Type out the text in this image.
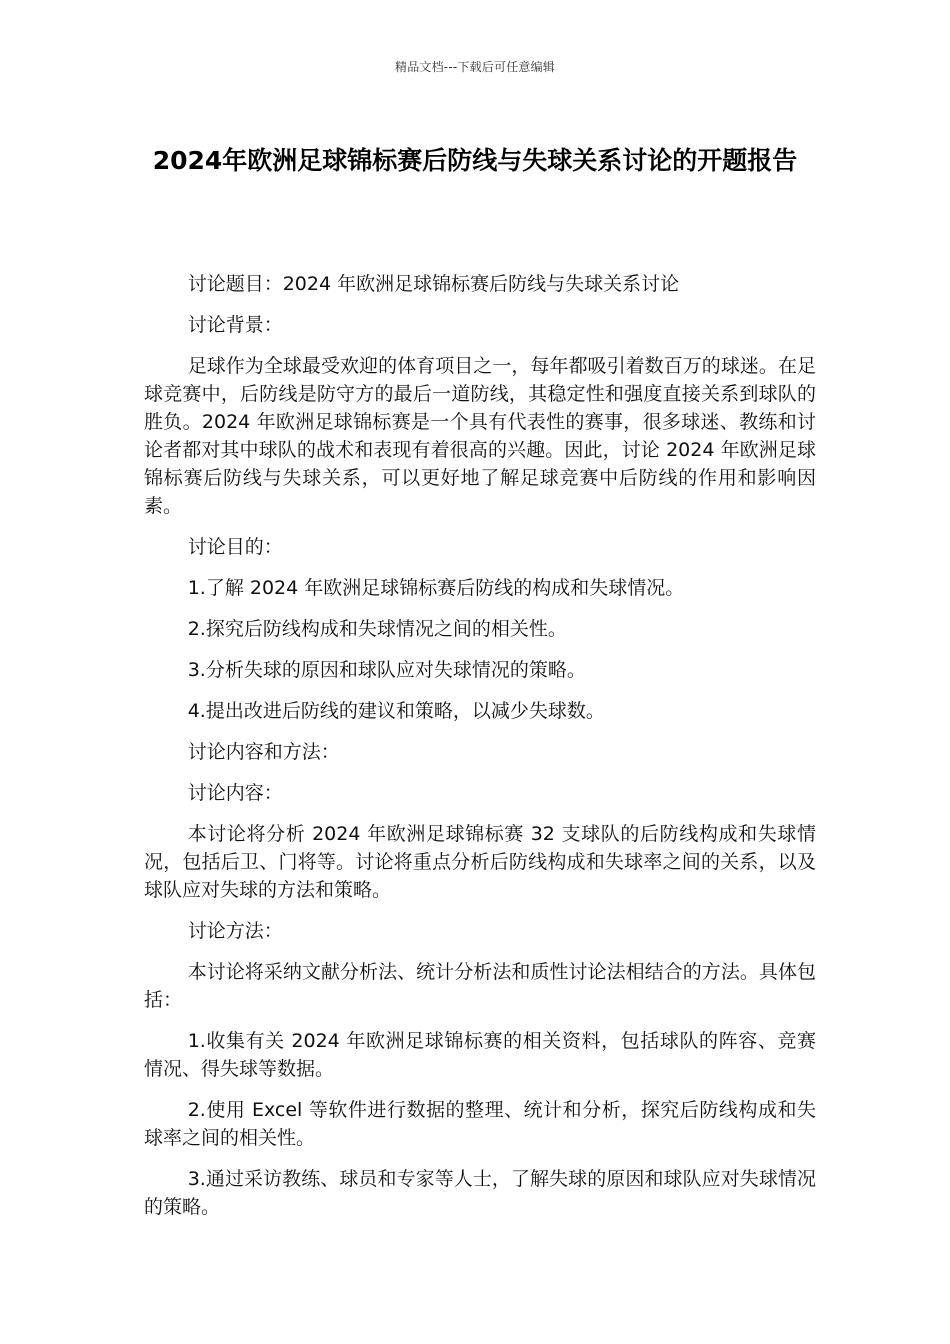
精品文档---下载后可任意编辑
2024年欧洲足球锦标赛后防线与失球关系讨论的开题报告

讨论题目：2024 年欧洲足球锦标赛后防线与失球关系讨论

讨论背景：

足球作为全球最受欢迎的体育项目之一，每年都吸引着数百万的球迷。在足球竞赛中，后防线是防守方的最后一道防线，其稳定性和强度直接关系到球队的胜负。2024 年欧洲足球锦标赛是一个具有代表性的赛事，很多球迷、教练和讨论者都对其中球队的战术和表现有着很高的兴趣。因此，讨论 2024 年欧洲足球锦标赛后防线与失球关系，可以更好地了解足球竞赛中后防线的作用和影响因素。

讨论目的：

1.了解 2024 年欧洲足球锦标赛后防线的构成和失球情况。

2.探究后防线构成和失球情况之间的相关性。

3.分析失球的原因和球队应对失球情况的策略。

4.提出改进后防线的建议和策略，以减少失球数。

讨论内容和方法：

讨论内容：

本讨论将分析 2024 年欧洲足球锦标赛 32 支球队的后防线构成和失球情况，包括后卫、门将等。讨论将重点分析后防线构成和失球率之间的关系，以及球队应对失球的方法和策略。

讨论方法：

本讨论将采纳文献分析法、统计分析法和质性讨论法相结合的方法。具体包括：

1.收集有关 2024 年欧洲足球锦标赛的相关资料，包括球队的阵容、竞赛情况、得失球等数据。

2.使用 Excel 等软件进行数据的整理、统计和分析，探究后防线构成和失球率之间的相关性。

3.通过采访教练、球员和专家等人士，了解失球的原因和球队应对失球情况的策略。
